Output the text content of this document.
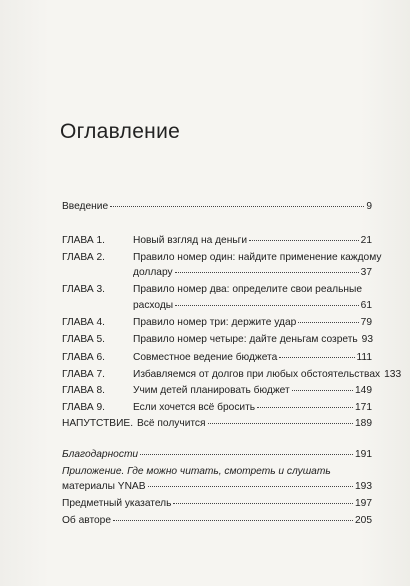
Оглавление
Введение	9
ГЛАВА 1.	Новый взгляд на деньги	21
ГЛАВА 2.	Правило номер один: найдите применение каждому
доллару	37
ГЛАВА 3.	Правило номер два: определите свои реальные
расходы	61
ГЛАВА 4.	Правило номер три: держите удар	79
ГЛАВА 5.	Правило номер четыре: дайте деньгам созреть 93
ГЛАВА 6.	Совместное ведение бюджета	111
ГЛАВА 7.	Избавляемся от долгов при любых обстоятельствах 133
ГЛАВА 8.	Учим детей планировать бюджет	149
ГЛАВА 9.	Если хочется всё бросить	171
НАПУТСТВИЕ. Всё получится	189
Благодарности	191
Приложение. Где можно читать, смотреть и слушать
материалы YNAB	193
Предметный указатель	197
Об авторе	205
